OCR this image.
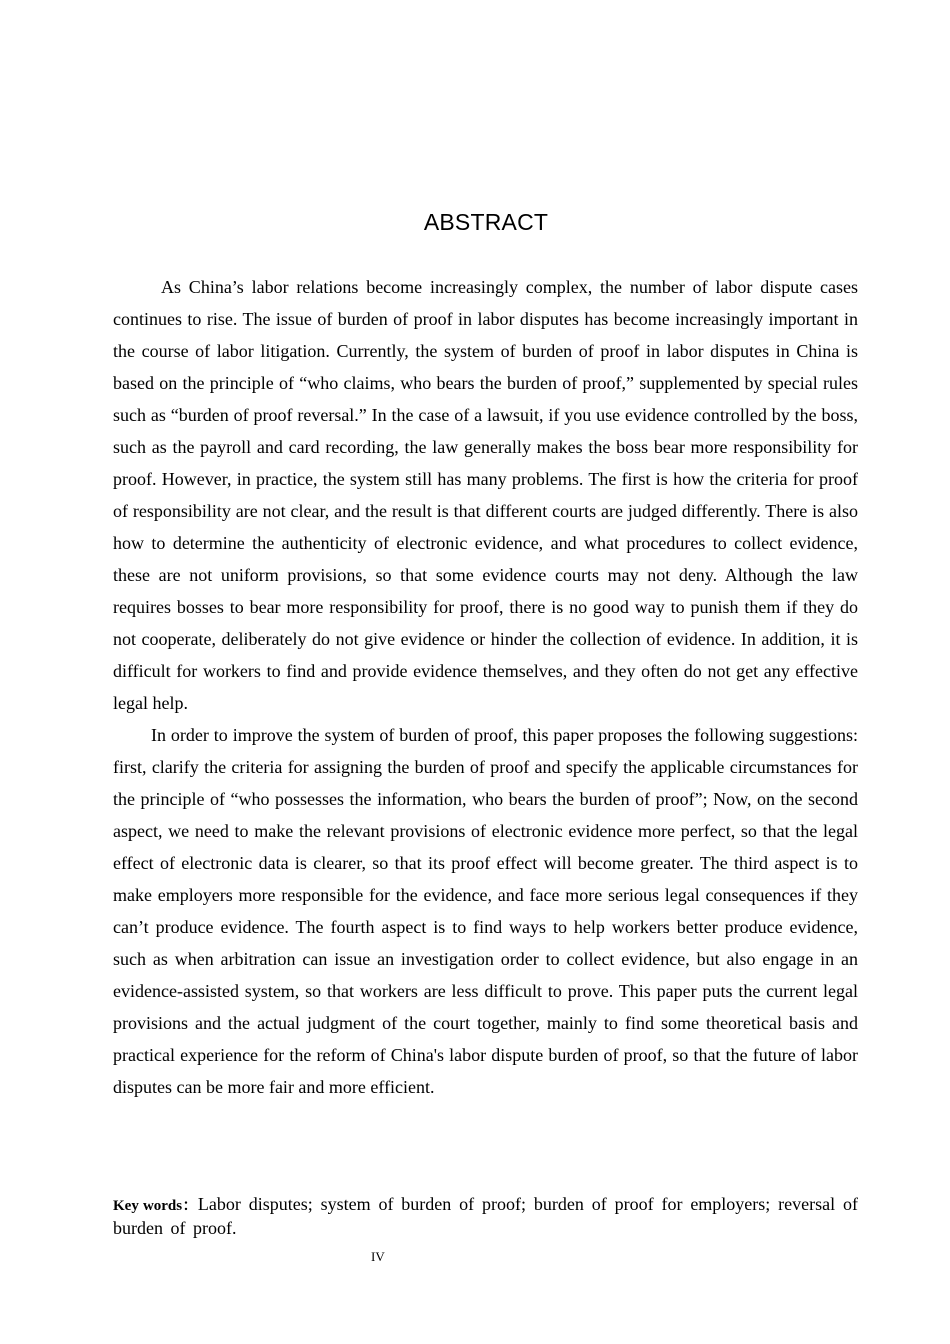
ABSTRACT

As China’s labor relations become increasingly complex, the number of labor dispute cases continues to rise. The issue of burden of proof in labor disputes has become increasingly important in the course of labor litigation. Currently, the system of burden of proof in labor disputes in China is based on the principle of “who claims, who bears the burden of proof,” supplemented by special rules such as “burden of proof reversal.” In the case of a lawsuit, if you use evidence controlled by the boss, such as the payroll and card recording, the law generally makes the boss bear more responsibility for proof. However, in practice, the system still has many problems. The first is how the criteria for proof of responsibility are not clear, and the result is that different courts are judged differently. There is also how to determine the authenticity of electronic evidence, and what procedures to collect evidence, these are not uniform provisions, so that some evidence courts may not deny. Although the law requires bosses to bear more responsibility for proof, there is no good way to punish them if they do not cooperate, deliberately do not give evidence or hinder the collection of evidence. In addition, it is difficult for workers to find and provide evidence themselves, and they often do not get any effective legal help.

In order to improve the system of burden of proof, this paper proposes the following suggestions: first, clarify the criteria for assigning the burden of proof and specify the applicable circumstances for the principle of “who possesses the information, who bears the burden of proof”; Now, on the second aspect, we need to make the relevant provisions of electronic evidence more perfect, so that the legal effect of electronic data is clearer, so that its proof effect will become greater. The third aspect is to make employers more responsible for the evidence, and face more serious legal consequences if they can’t produce evidence. The fourth aspect is to find ways to help workers better produce evidence, such as when arbitration can issue an investigation order to collect evidence, but also engage in an evidence-assisted system, so that workers are less difficult to prove. This paper puts the current legal provisions and the actual judgment of the court together, mainly to find some theoretical basis and practical experience for the reform of China's labor dispute burden of proof, so that the future of labor disputes can be more fair and more efficient.

Key words：Labor disputes; system of burden of proof; burden of proof for employers; reversal of burden of proof.
IV
